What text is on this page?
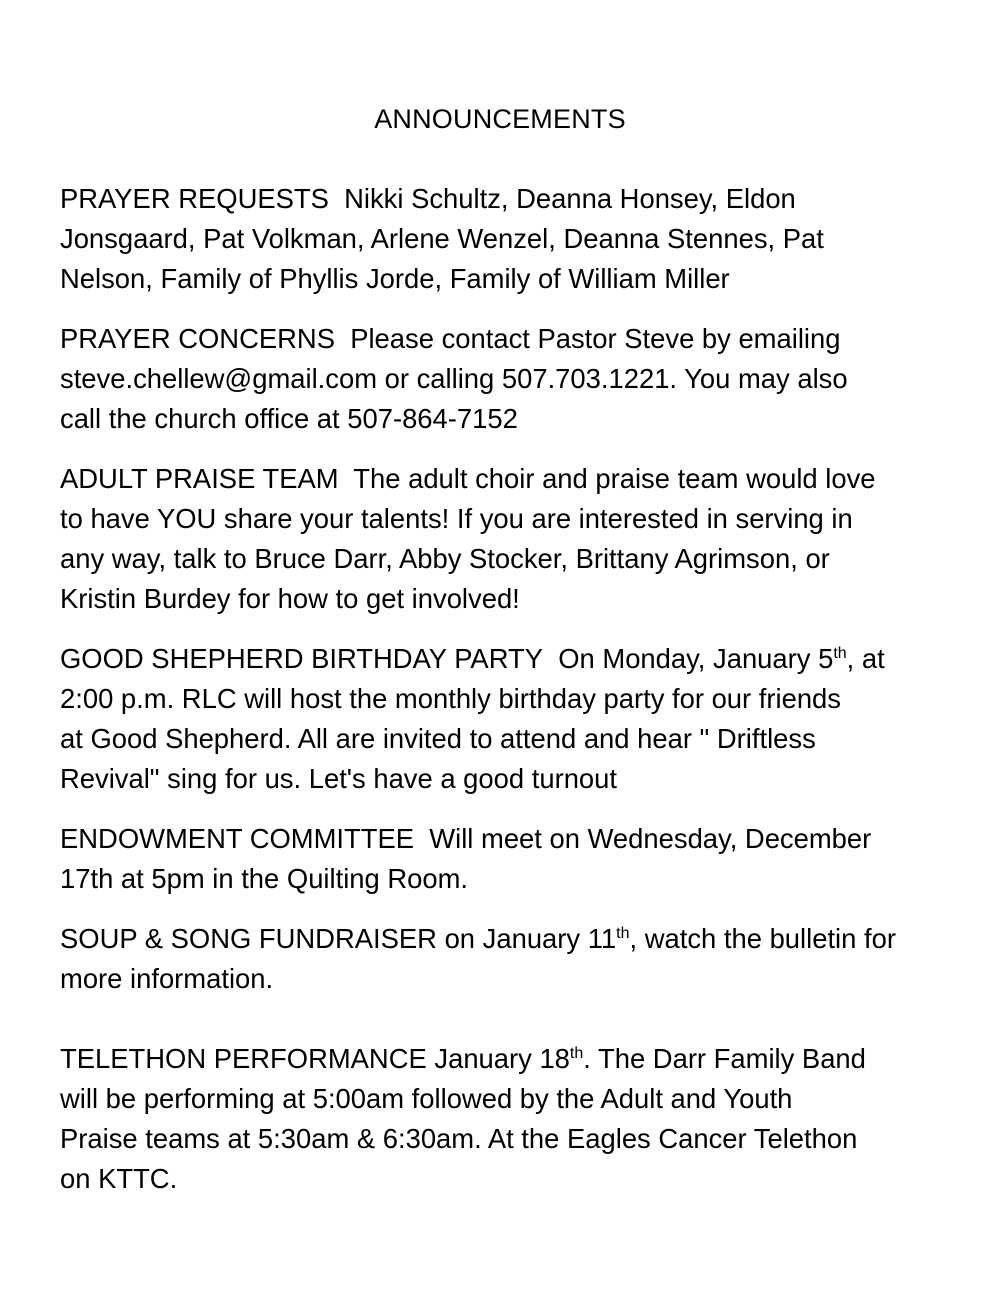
ANNOUNCEMENTS
PRAYER REQUESTS Nikki Schultz, Deanna Honsey, Eldon
Jonsgaard, Pat Volkman, Arlene Wenzel, Deanna Stennes, Pat
Nelson, Family of Phyllis Jorde, Family of William Miller
PRAYER CONCERNS Please contact Pastor Steve by emailing
steve.chellew@gmail.com or calling 507.703.1221. You may also
call the church office at 507-864-7152
ADULT PRAISE TEAM The adult choir and praise team would love
to have YOU share your talents! If you are interested in serving in
any way, talk to Bruce Darr, Abby Stocker, Brittany Agrimson, or
Kristin Burdey for how to get involved!
GOOD SHEPHERD BIRTHDAY PARTY On Monday, January 5th, at
2:00 p.m. RLC will host the monthly birthday party for our friends
at Good Shepherd. All are invited to attend and hear " Driftless
Revival" sing for us. Let's have a good turnout
ENDOWMENT COMMITTEE Will meet on Wednesday, December
17th at 5pm in the Quilting Room.
SOUP & SONG FUNDRAISER on January 11th, watch the bulletin for
more information.
TELETHON PERFORMANCE January 18th. The Darr Family Band
will be performing at 5:00am followed by the Adult and Youth
Praise teams at 5:30am & 6:30am. At the Eagles Cancer Telethon
on KTTC.
